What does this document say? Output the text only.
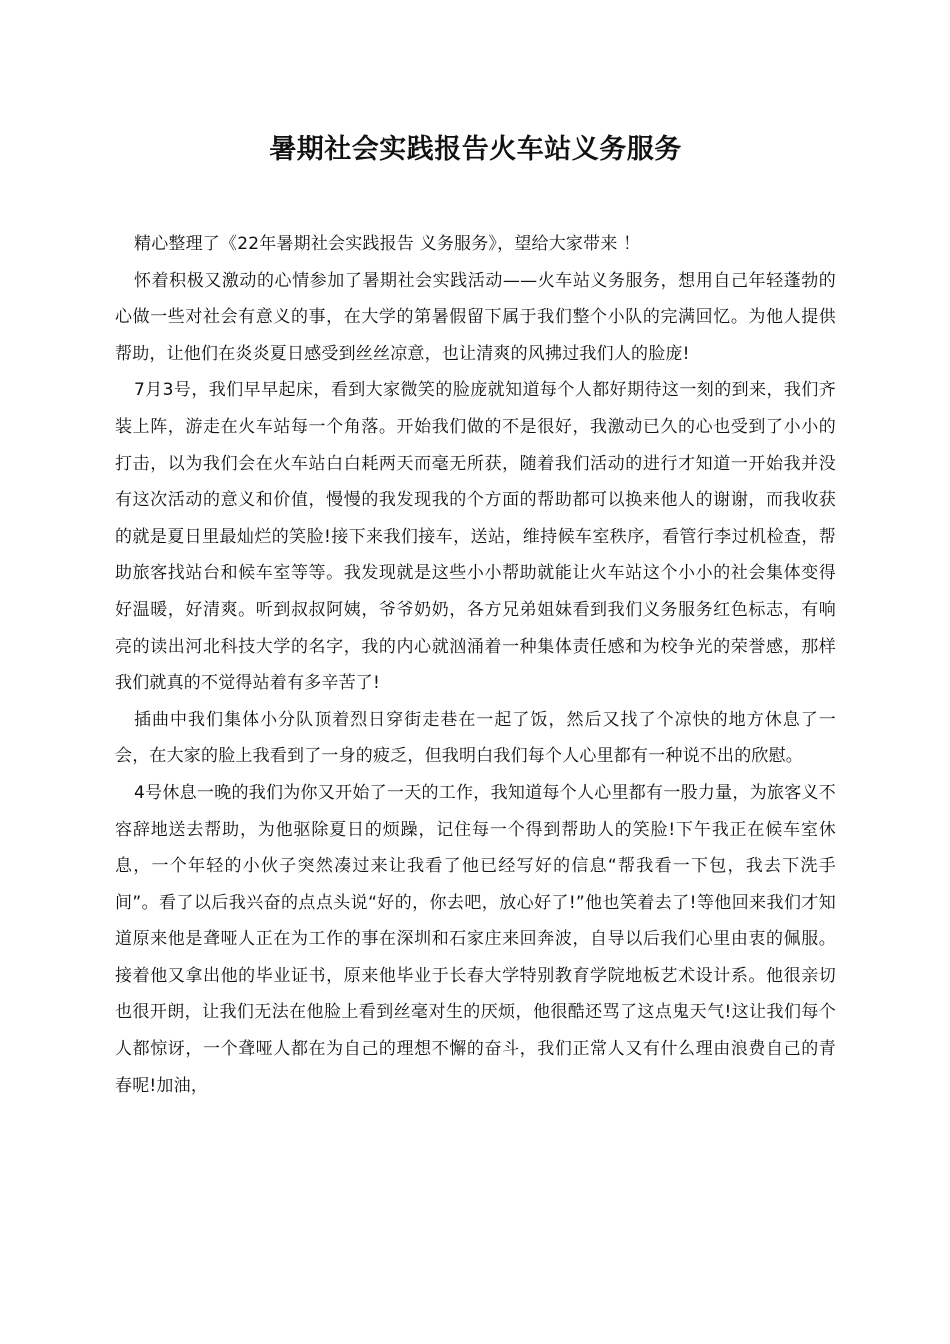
暑期社会实践报告火车站义务服务

精心整理了《22年暑期社会实践报告 义务服务》，望给大家带来 ！

怀着积极又激动的心情参加了暑期社会实践活动——火车站义务服务，想用自己年轻蓬勃的心做一些对社会有意义的事，在大学的第暑假留下属于我们整个小队的完满回忆。为他人提供帮助，让他们在炎炎夏日感受到丝丝凉意，也让清爽的风拂过我们人的脸庞!

7月3号，我们早早起床，看到大家微笑的脸庞就知道每个人都好期待这一刻的到来，我们齐装上阵，游走在火车站每一个角落。开始我们做的不是很好，我激动已久的心也受到了小小的打击，以为我们会在火车站白白耗两天而毫无所获，随着我们活动的进行才知道一开始我并没有这次活动的意义和价值，慢慢的我发现我的个方面的帮助都可以换来他人的谢谢，而我收获的就是夏日里最灿烂的笑脸!接下来我们接车，送站，维持候车室秩序，看管行李过机检查，帮助旅客找站台和候车室等等。我发现就是这些小小帮助就能让火车站这个小小的社会集体变得好温暖，好清爽。听到叔叔阿姨，爷爷奶奶，各方兄弟姐妹看到我们义务服务红色标志，有响亮的读出河北科技大学的名字，我的内心就汹涌着一种集体责任感和为校争光的荣誉感，那样我们就真的不觉得站着有多辛苦了!

插曲中我们集体小分队顶着烈日穿街走巷在一起了饭，然后又找了个凉快的地方休息了一会，在大家的脸上我看到了一身的疲乏，但我明白我们每个人心里都有一种说不出的欣慰。

4号休息一晚的我们为你又开始了一天的工作，我知道每个人心里都有一股力量，为旅客义不容辞地送去帮助，为他驱除夏日的烦躁，记住每一个得到帮助人的笑脸!下午我正在候车室休息，一个年轻的小伙子突然凑过来让我看了他已经写好的信息“帮我看一下包，我去下洗手间”。看了以后我兴奋的点点头说“好的，你去吧，放心好了!”他也笑着去了!等他回来我们才知道原来他是聋哑人正在为工作的事在深圳和石家庄来回奔波，自导以后我们心里由衷的佩服。接着他又拿出他的毕业证书，原来他毕业于长春大学特别教育学院地板艺术设计系。他很亲切也很开朗，让我们无法在他脸上看到丝毫对生的厌烦，他很酷还骂了这点鬼天气!这让我们每个人都惊讶，一个聋哑人都在为自己的理想不懈的奋斗，我们正常人又有什么理由浪费自己的青春呢!加油，
